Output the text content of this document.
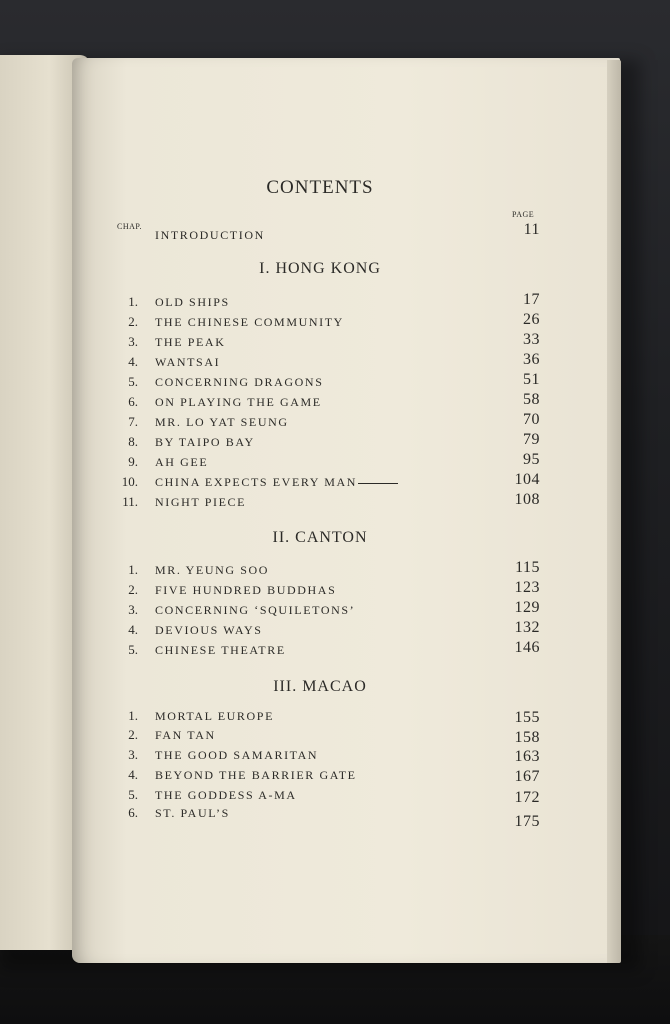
CONTENTS
CHAP.
PAGE
INTRODUCTION	11
I. HONG KONG
1. OLD SHIPS	17
2. THE CHINESE COMMUNITY	26
3. THE PEAK	33
4. WANTSAI	36
5. CONCERNING DRAGONS	51
6. ON PLAYING THE GAME	58
7. MR. LO YAT SEUNG	70
8. BY TAIPO BAY	79
9. AH GEE	95
10. CHINA EXPECTS EVERY MAN	104
11. NIGHT PIECE	108
II. CANTON
1. MR. YEUNG SOO	115
2. FIVE HUNDRED BUDDHAS	123
3. CONCERNING ‘SQUILETONS’	129
4. DEVIOUS WAYS	132
5. CHINESE THEATRE	146
III. MACAO
1. MORTAL EUROPE	155
2. FAN TAN	158
3. THE GOOD SAMARITAN	163
4. BEYOND THE BARRIER GATE	167
5. THE GODDESS A-MA	172
6. ST. PAUL’S	175
